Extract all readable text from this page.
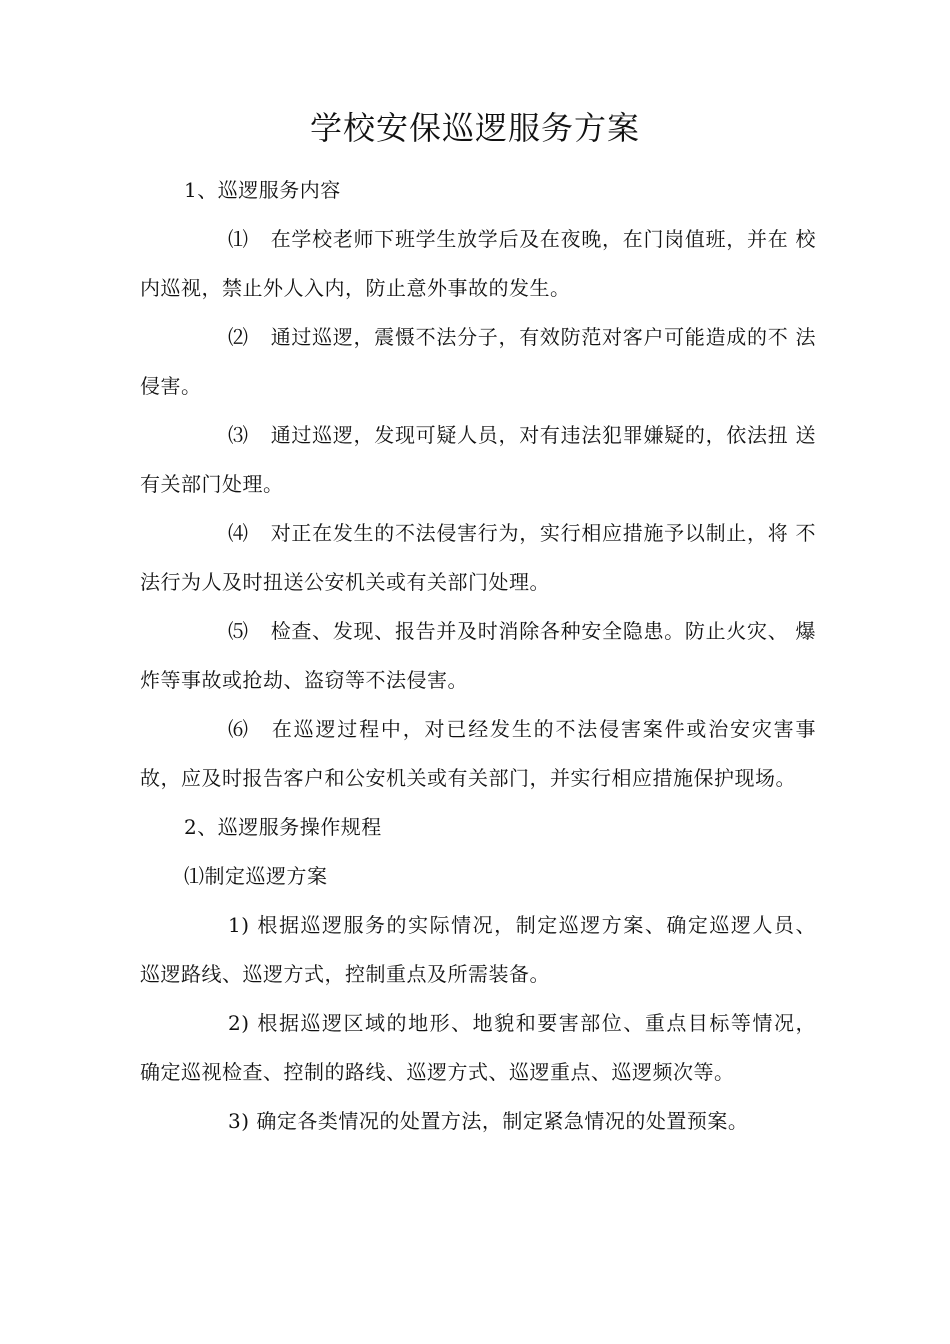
学校安保巡逻服务方案

1、巡逻服务内容

⑴ 在学校老师下班学生放学后及在夜晚，在门岗值班，并在 校内巡视，禁止外人入内，防止意外事故的发生。

⑵ 通过巡逻，震慑不法分子，有效防范对客户可能造成的不 法侵害。

⑶ 通过巡逻，发现可疑人员，对有违法犯罪嫌疑的，依法扭 送有关部门处理。

⑷ 对正在发生的不法侵害行为，实行相应措施予以制止，将 不法行为人及时扭送公安机关或有关部门处理。

⑸ 检查、发现、报告并及时消除各种安全隐患。防止火灾、 爆炸等事故或抢劫、盗窃等不法侵害。

⑹ 在巡逻过程中，对已经发生的不法侵害案件或治安灾害事故，应及时报告客户和公安机关或有关部门，并实行相应措施保护现场。

2、巡逻服务操作规程

⑴制定巡逻方案

1) 根据巡逻服务的实际情况，制定巡逻方案、确定巡逻人员、 巡逻路线、巡逻方式，控制重点及所需装备。

2) 根据巡逻区域的地形、地貌和要害部位、重点目标等情况， 确定巡视检查、控制的路线、巡逻方式、巡逻重点、巡逻频次等。

3) 确定各类情况的处置方法，制定紧急情况的处置预案。
